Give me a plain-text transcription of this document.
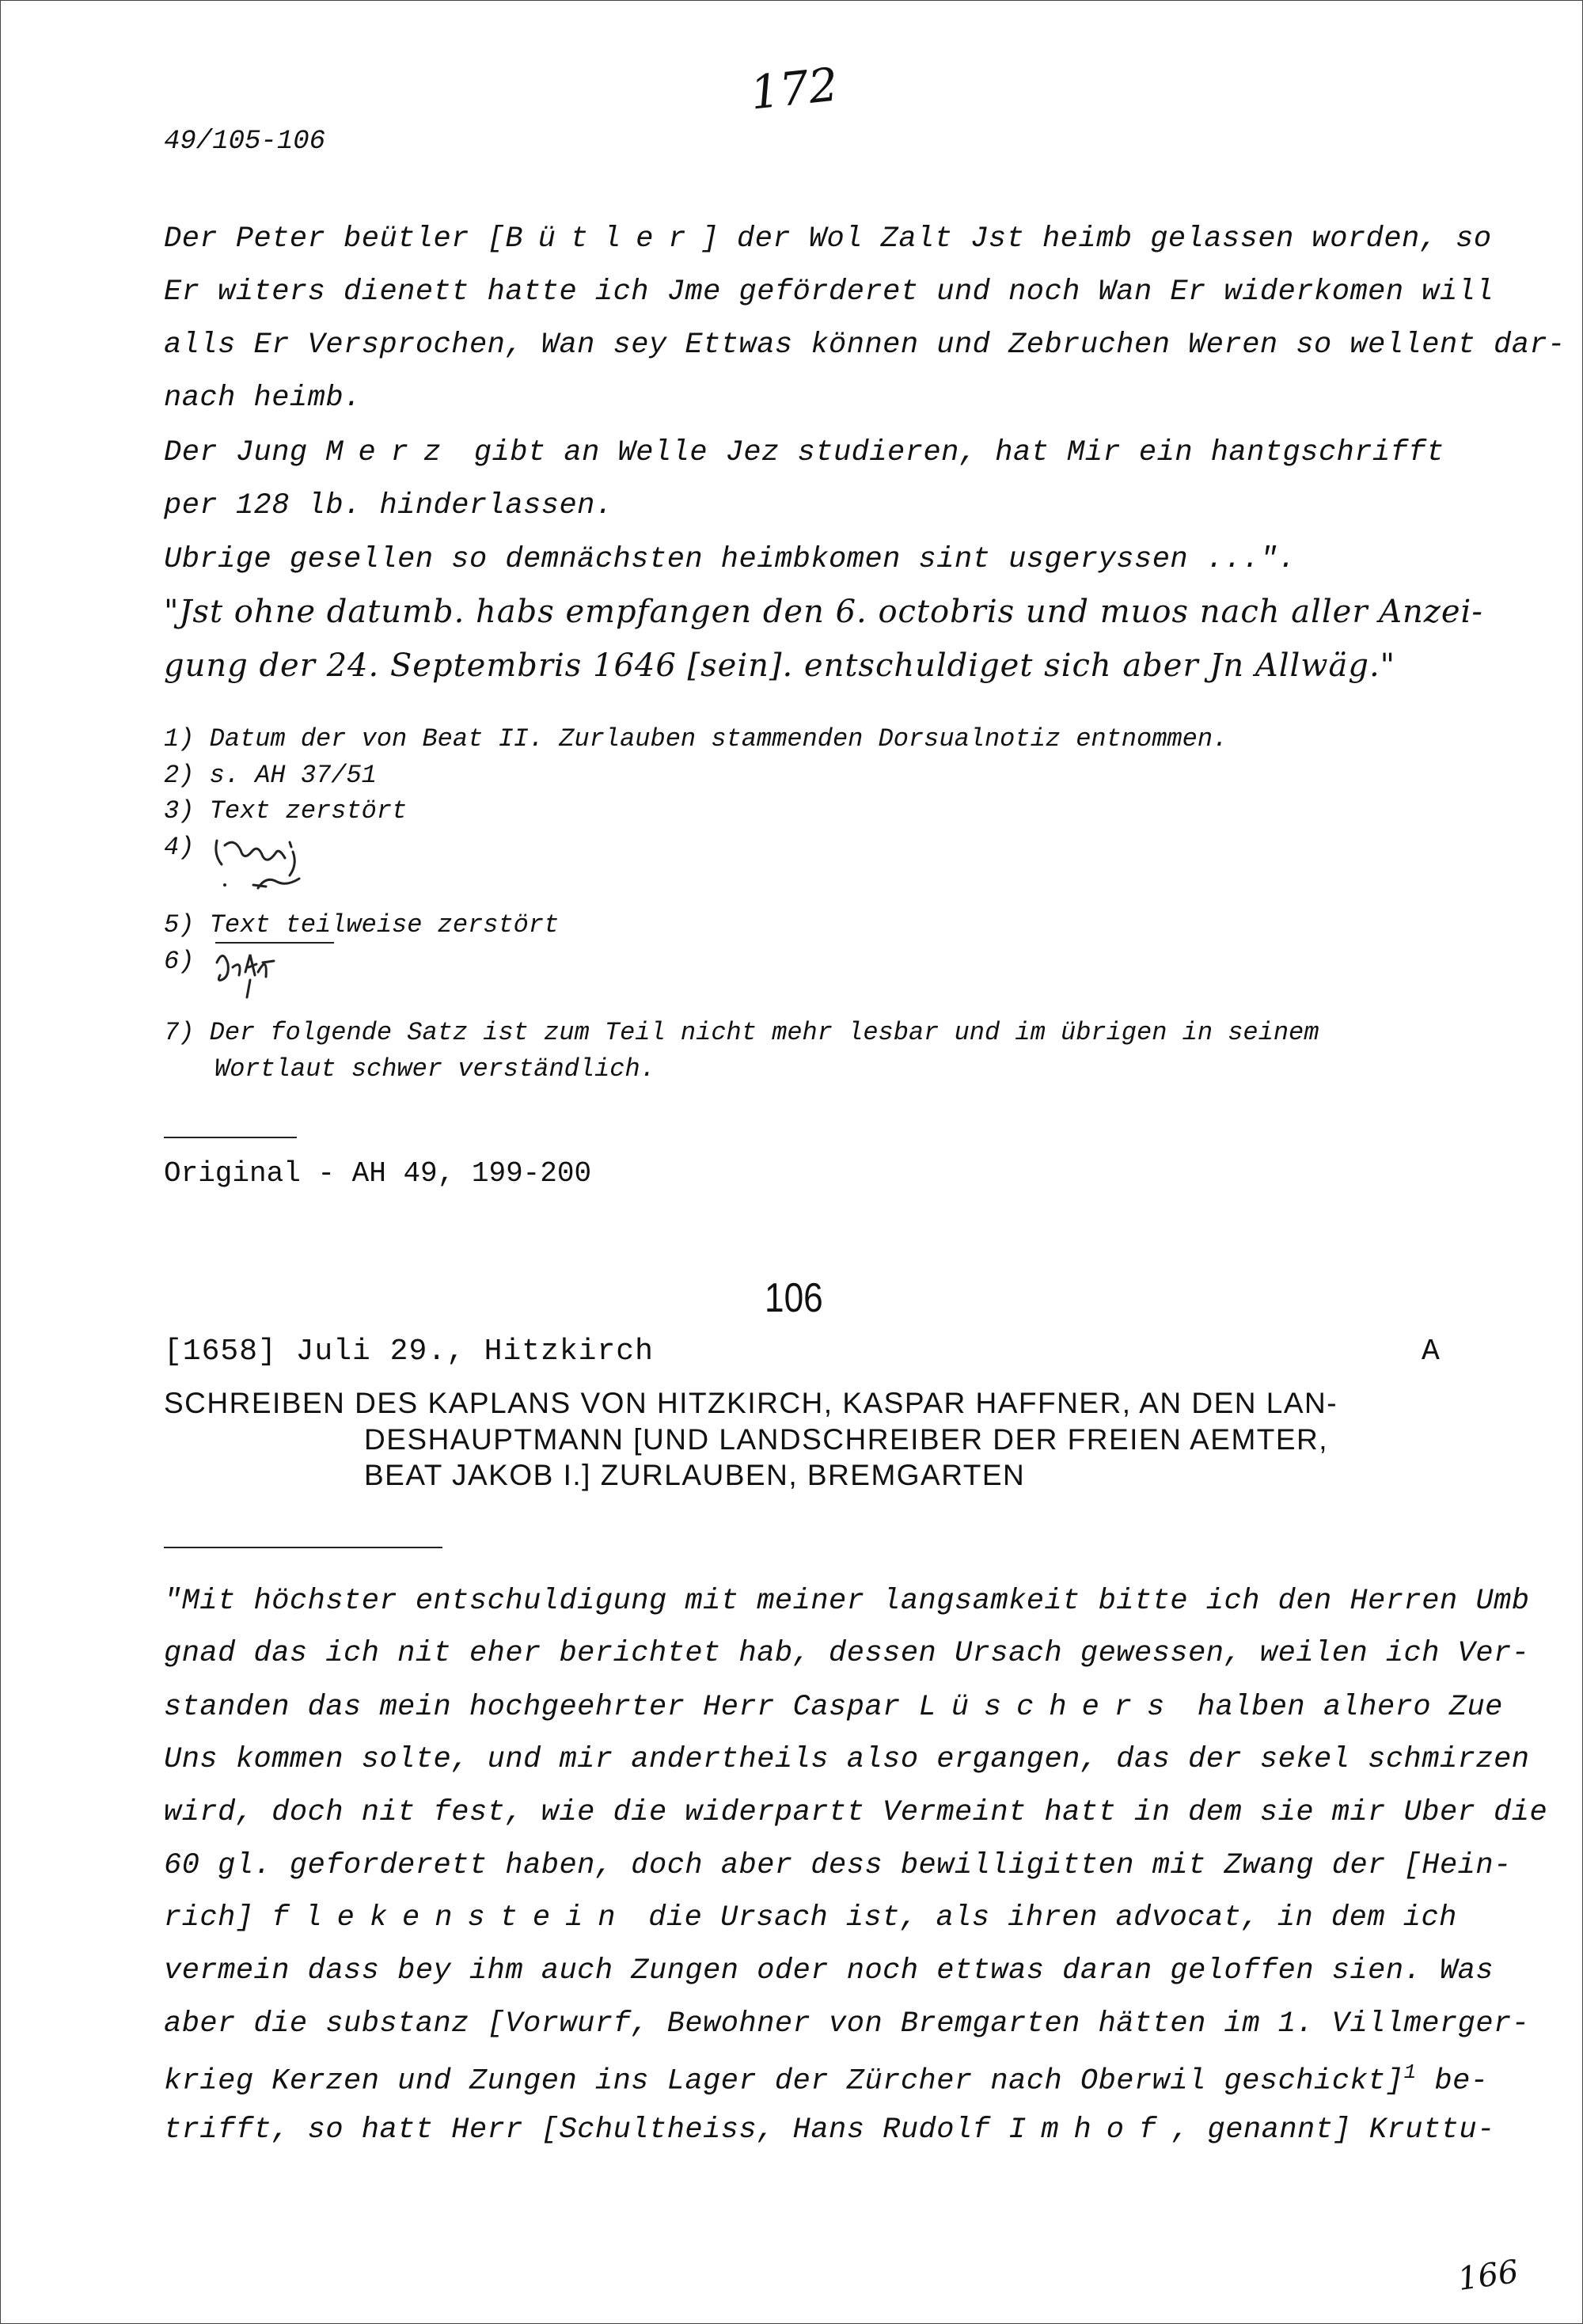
172
49/105-106
Der Peter beütler [Bütler] der Wol Zalt Jst heimb gelassen worden, so
Er witers dienett hatte ich Jme geförderet und noch Wan Er widerkomen will
alls Er Versprochen, Wan sey Ettwas können und Zebruchen Weren so wellent dar-
nach heimb.
Der Jung Merz gibt an Welle Jez studieren, hat Mir ein hantgschrifft
per 128 lb. hinderlassen.
Ubrige gesellen so demnächsten heimbkomen sint usgeryssen ...".
"Jst ohne datumb. habs empfangen den 6. octobris und muos nach aller Anzei-
gung der 24. Septembris 1646 [sein]. entschuldiget sich aber Jn Allwäg."
1) Datum der von Beat II. Zurlauben stammenden Dorsualnotiz entnommen.
2) s. AH 37/51
3) Text zerstört
4)
5) Text teilweise zerstört
6)
7) Der folgende Satz ist zum Teil nicht mehr lesbar und im übrigen in seinem
Wortlaut schwer verständlich.
Original - AH 49, 199-200
106
[1658] Juli 29., Hitzkirch	A
SCHREIBEN DES KAPLANS VON HITZKIRCH, KASPAR HAFFNER, AN DEN LAN-
DESHAUPTMANN [UND LANDSCHREIBER DER FREIEN AEMTER,
BEAT JAKOB I.] ZURLAUBEN, BREMGARTEN
"Mit höchster entschuldigung mit meiner langsamkeit bitte ich den Herren Umb
gnad das ich nit eher berichtet hab, dessen Ursach gewessen, weilen ich Ver-
standen das mein hochgeehrter Herr Caspar Lüschers halben alhero Zue
Uns kommen solte, und mir andertheils also ergangen, das der sekel schmirzen
wird, doch nit fest, wie die widerpartt Vermeint hatt in dem sie mir Uber die
60 gl. geforderett haben, doch aber dess bewilligitten mit Zwang der [Hein-
rich] flekenstein die Ursach ist, als ihren advocat, in dem ich
vermein dass bey ihm auch Zungen oder noch ettwas daran geloffen sien. Was
aber die substanz [Vorwurf, Bewohner von Bremgarten hätten im 1. Villmerger-
krieg Kerzen und Zungen ins Lager der Zürcher nach Oberwil geschickt]$^1$ be-
trifft, so hatt Herr [Schultheiss, Hans Rudolf Imhof, genannt] Kruttu-
166
